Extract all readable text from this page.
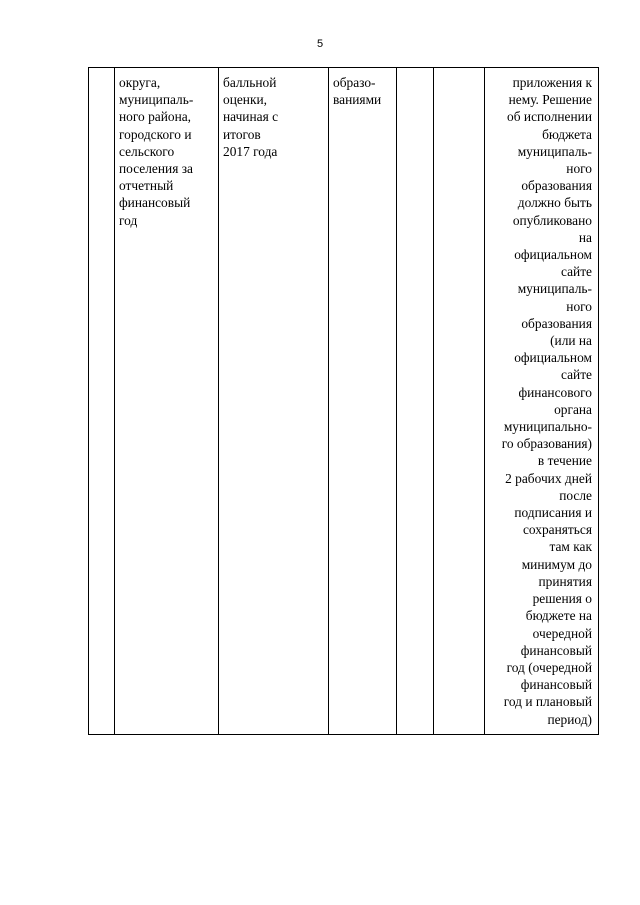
5
	округа,
муниципаль-
ного района,
городского и
сельского
поселения за
отчетный
финансовый
год	балльной
оценки,
начиная с
итогов
2017 года	образо-
ваниями			приложения к
нему. Решение
об исполнении
бюджета
муниципаль-
ного
образования
должно быть
опубликовано
на
официальном
сайте
муниципаль-
ного
образования
(или на
официальном
сайте
финансового
органа
муниципально-
го образования)
в течение
2 рабочих дней
после
подписания и
сохраняться
там как
минимум до
принятия
решения о
бюджете на
очередной
финансовый
год (очередной
финансовый
год и плановый
период)
